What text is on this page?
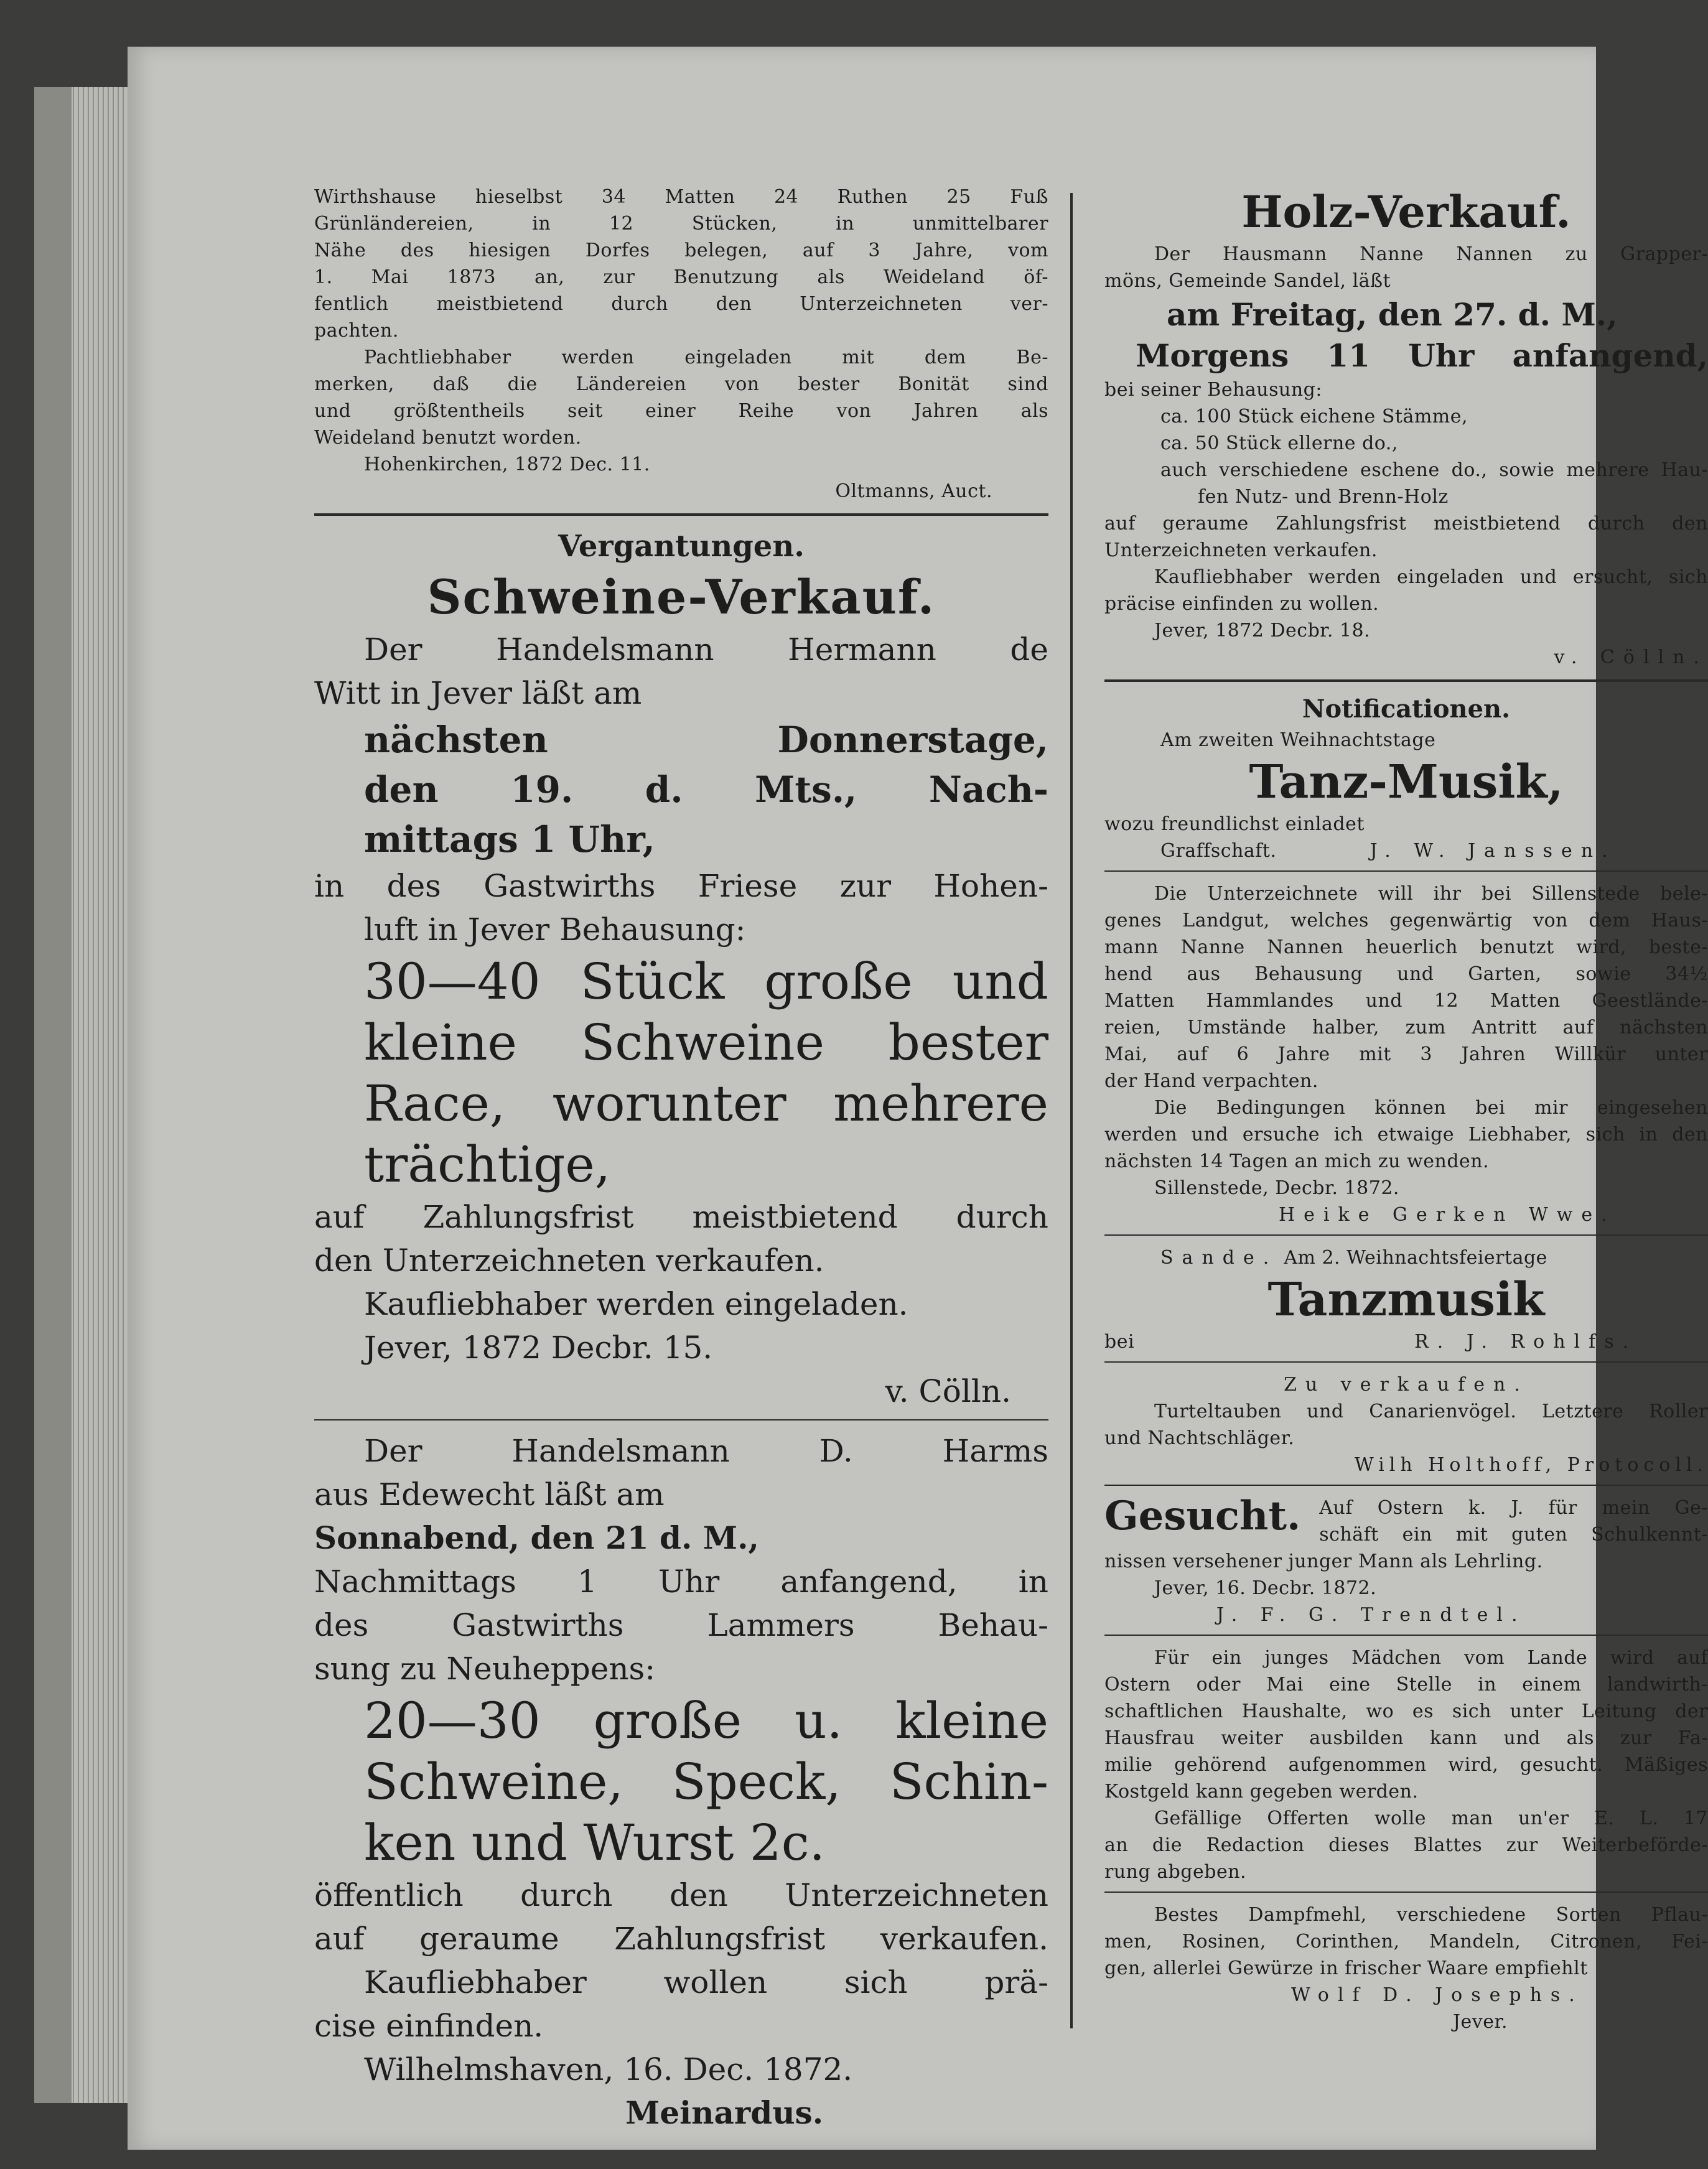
Wirthshause hieselbst 34 Matten 24 Ruthen 25 Fuß
Grünländereien, in 12 Stücken, in unmittelbarer
Nähe des hiesigen Dorfes belegen, auf 3 Jahre, vom
1. Mai 1873 an, zur Benutzung als Weideland öf-
fentlich meistbietend durch den Unterzeichneten ver-
pachten.
Pachtliebhaber werden eingeladen mit dem Be-
merken, daß die Ländereien von bester Bonität sind
und größtentheils seit einer Reihe von Jahren als
Weideland benutzt worden.
Hohenkirchen, 1872 Dec. 11.
Oltmanns, Auct.
Vergantungen.
Schweine-Verkauf.
Der Handelsmann Hermann de
Witt in Jever läßt am
nächsten Donnerstage,
den 19. d. Mts., Nach-
mittags 1 Uhr,
in des Gastwirths Friese zur Hohen-
luft in Jever Behausung:
30—40 Stück große und
kleine Schweine bester
Race, worunter mehrere
trächtige,
auf Zahlungsfrist meistbietend durch
den Unterzeichneten verkaufen.
Kaufliebhaber werden eingeladen.
Jever, 1872 Decbr. 15.
v. Cölln.
Der Handelsmann D. Harms
aus Edewecht läßt am
Sonnabend, den 21 d. M.,
Nachmittags 1 Uhr anfangend, in
des Gastwirths Lammers Behau-
sung zu Neuheppens:
20—30 große u. kleine
Schweine, Speck, Schin-
ken und Wurst 2c.
öffentlich durch den Unterzeichneten
auf geraume Zahlungsfrist verkaufen.
Kaufliebhaber wollen sich prä-
cise einfinden.
Wilhelmshaven, 16. Dec. 1872.
Meinardus.
Holz-Verkauf.
Der Hausmann Nanne Nannen zu Grapper-
möns, Gemeinde Sandel, läßt
am Freitag, den 27. d. M.,
Morgens 11 Uhr anfangend,
bei seiner Behausung:
ca. 100 Stück eichene Stämme,
ca. 50 Stück ellerne do.,
auch verschiedene eschene do., sowie mehrere Hau-
fen Nutz- und Brenn-Holz
auf geraume Zahlungsfrist meistbietend durch den
Unterzeichneten verkaufen.
Kaufliebhaber werden eingeladen und ersucht, sich
präcise einfinden zu wollen.
Jever, 1872 Decbr. 18.
v. Cölln.
Notificationen.
Am zweiten Weihnachtstage
Tanz-Musik,
wozu freundlichst einladet
Graffschaft.	J. W. Janssen.
Die Unterzeichnete will ihr bei Sillenstede bele-
genes Landgut, welches gegenwärtig von dem Haus-
mann Nanne Nannen heuerlich benutzt wird, beste-
hend aus Behausung und Garten, sowie 34½
Matten Hammlandes und 12 Matten Geestlände-
reien, Umstände halber, zum Antritt auf nächsten
Mai, auf 6 Jahre mit 3 Jahren Willkür unter
der Hand verpachten.
Die Bedingungen können bei mir eingesehen
werden und ersuche ich etwaige Liebhaber, sich in den
nächsten 14 Tagen an mich zu wenden.
Sillenstede, Decbr. 1872.
Heike Gerken Wwe.
Sande. Am 2. Weihnachtsfeiertage
Tanzmusik
bei	R. J. Rohlfs.
Zu verkaufen.
Turteltauben und Canarienvögel. Letztere Roller
und Nachtschläger.
Wilh Holthoff, Protocoll.
Gesucht.	Auf Ostern k. J. für mein Ge-
schäft ein mit guten Schulkennt-
nissen versehener junger Mann als Lehrling.
Jever, 16. Decbr. 1872.
J. F. G. Trendtel.
Für ein junges Mädchen vom Lande wird auf
Ostern oder Mai eine Stelle in einem landwirth-
schaftlichen Haushalte, wo es sich unter Leitung der
Hausfrau weiter ausbilden kann und als zur Fa-
milie gehörend aufgenommen wird, gesucht. Mäßiges
Kostgeld kann gegeben werden.
Gefällige Offerten wolle man un'er E. L. 17
an die Redaction dieses Blattes zur Weiterbeförde-
rung abgeben.
Bestes Dampfmehl, verschiedene Sorten Pflau-
men, Rosinen, Corinthen, Mandeln, Citronen, Fei-
gen, allerlei Gewürze in frischer Waare empfiehlt
Wolf D. Josephs.
Jever.
